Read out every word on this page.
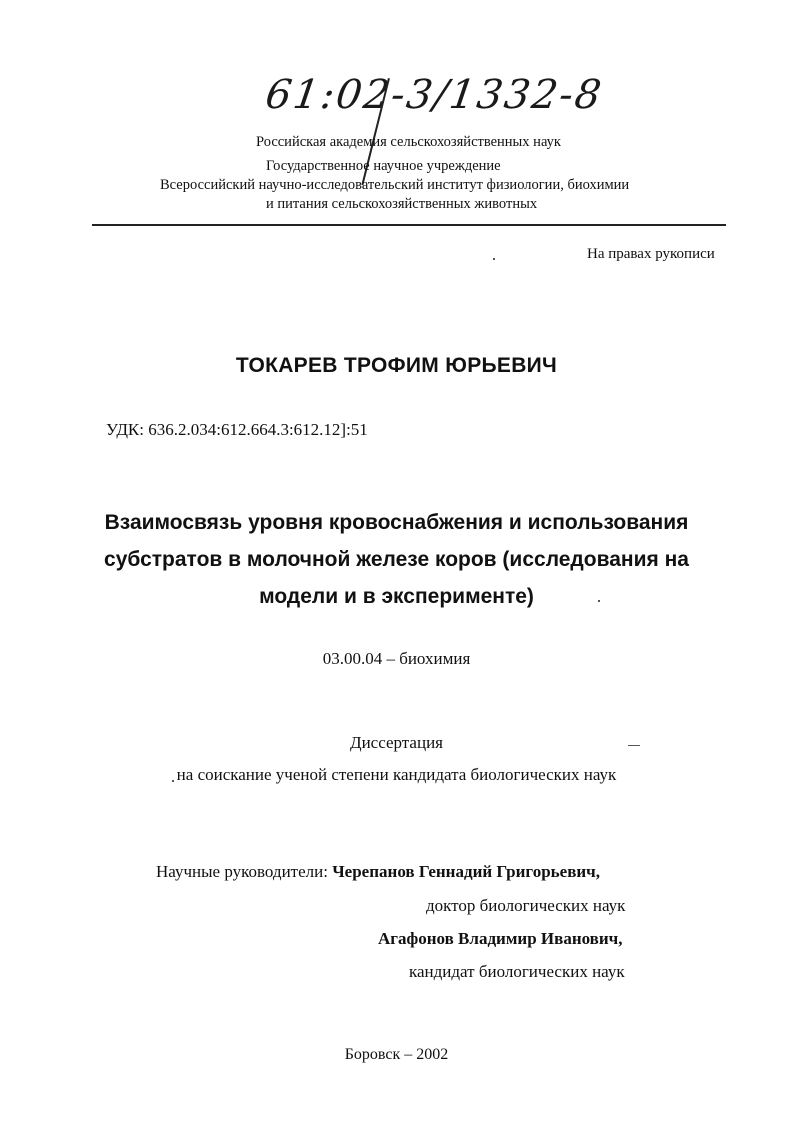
61:02-3/1332-8
Российская академия сельскохозяйственных наук
Государственное научное учреждение
Всероссийский научно-исследовательский институт физиологии, биохимии
и питания сельскохозяйственных животных
На правах рукописи
ТОКАРЕВ ТРОФИМ ЮРЬЕВИЧ
УДК: 636.2.034:612.664.3:612.12]:51
Взаимосвязь уровня кровоснабжения и использования
субстратов в молочной железе коров (исследования на
модели и в эксперименте)
03.00.04 – биохимия
Диссертация
на соискание ученой степени кандидата биологических наук
Научные руководители: Черепанов Геннадий Григорьевич,
доктор биологических наук
Агафонов Владимир Иванович,
кандидат биологических наук
Боровск – 2002
